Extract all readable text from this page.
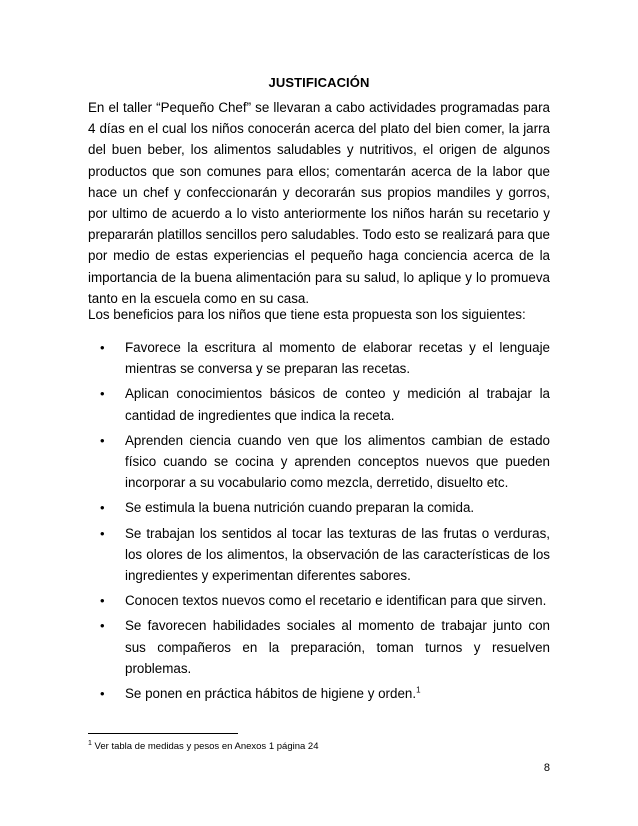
JUSTIFICACIÓN
En el taller “Pequeño Chef” se llevaran a cabo actividades programadas para 4 días en el cual los niños conocerán acerca del plato del bien comer, la jarra del buen beber, los alimentos saludables y nutritivos, el origen de algunos productos que son comunes para ellos; comentarán acerca de la labor que hace un chef y confeccionarán y decorarán sus propios mandiles y gorros, por ultimo de acuerdo a lo visto anteriormente los niños harán su recetario y prepararán platillos sencillos pero saludables. Todo esto se realizará para que por medio de estas experiencias el pequeño haga conciencia acerca de la importancia de la buena alimentación para su salud, lo aplique y lo promueva tanto en la escuela como en su casa.
Los beneficios para los niños que tiene esta propuesta son los siguientes:
• Favorece la escritura al momento de elaborar recetas y el lenguaje mientras se conversa y se preparan las recetas.
• Aplican conocimientos básicos de conteo y medición al trabajar la cantidad de ingredientes que indica la receta.
• Aprenden ciencia cuando ven que los alimentos cambian de estado físico cuando se cocina y aprenden conceptos nuevos que pueden incorporar a su vocabulario como mezcla, derretido, disuelto etc.
• Se estimula la buena nutrición cuando preparan la comida.
• Se trabajan los sentidos al tocar las texturas de las frutas o verduras, los olores de los alimentos, la observación de las características de los ingredientes y experimentan diferentes sabores.
• Conocen textos nuevos como el recetario e identifican para que sirven.
• Se favorecen habilidades sociales al momento de trabajar junto con sus compañeros en la preparación, toman turnos y resuelven problemas.
• Se ponen en práctica hábitos de higiene y orden.$^1$
$^1$ Ver tabla de medidas y pesos en Anexos 1 página 24
8
